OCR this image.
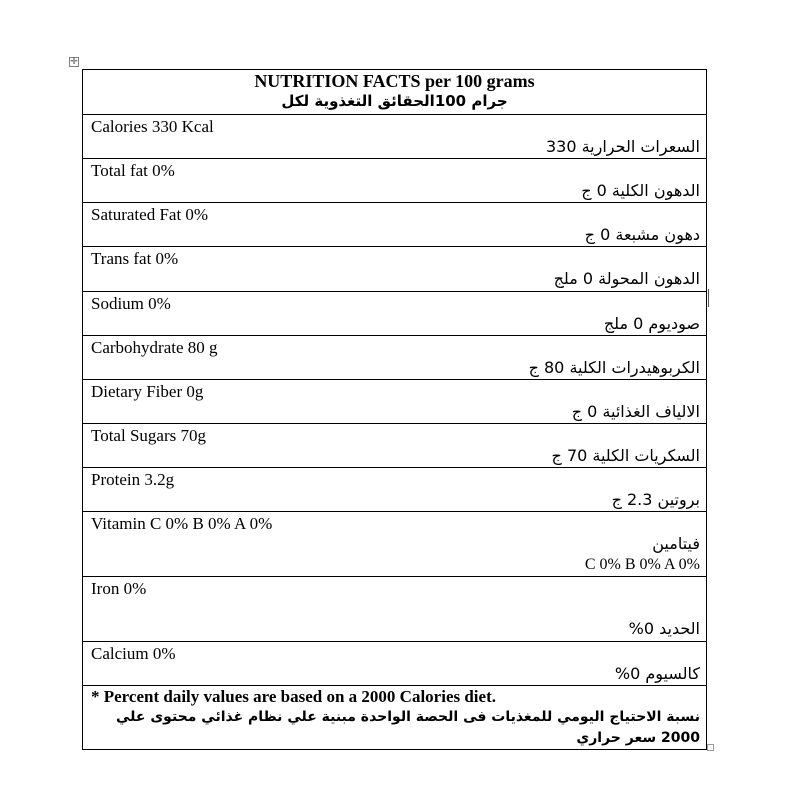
✛
NUTRITION FACTS per 100 grams
جرام 100الحقائق التغذوية لكل

Calories 330 Kcal
السعرات الحرارية 330

Total fat 0%
الدهون الكلية 0 ج

Saturated Fat 0%
دهون مشبعة 0 ج

Trans fat 0%
الدهون المحولة 0 ملج

Sodium 0%
صوديوم 0 ملج

Carbohydrate 80 g
الكربوهيدرات الكلية 80 ج

Dietary Fiber 0g
الالياف الغذائية 0 ج

Total Sugars 70g
السكريات الكلية 70 ج

Protein 3.2g
بروتين 2.3 ج

Vitamin C 0% B 0% A 0%
فيتامين
C 0% B 0% A 0%

Iron 0%
الحديد 0%

Calcium 0%
كالسيوم 0%

* Percent daily values are based on a 2000 Calories diet.
نسبة الاحتياج اليومي للمغذيات فى الحصة الواحدة مبنية علي نظام غذائي محتوى علي 2000 سعر حراري
